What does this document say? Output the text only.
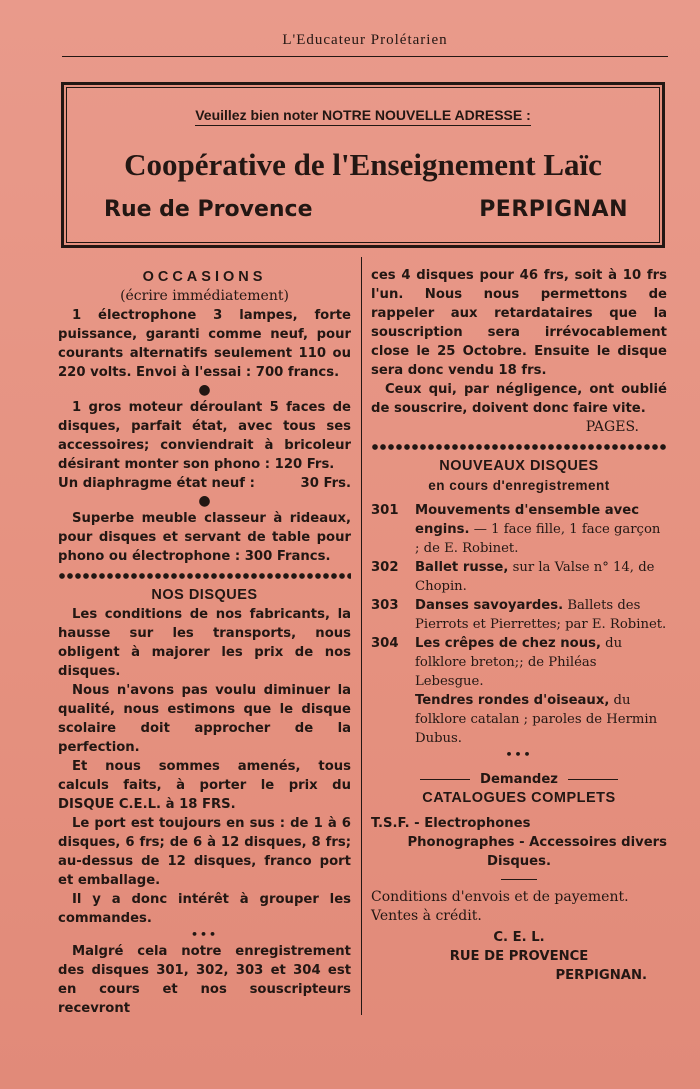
L'Educateur Prolétarien
Veuillez bien noter NOTRE NOUVELLE ADRESSE :
Coopérative de l'Enseignement Laïc
Rue de Provence	PERPIGNAN
OCCASIONS
(écrire immédiatement)

1 électrophone 3 lampes, forte puissance, garanti comme neuf, pour courants alternatifs seulement 110 ou 220 volts. Envoi à l'essai : 700 francs.

●

1 gros moteur déroulant 5 faces de disques, parfait état, avec tous ses accessoires; conviendrait à bricoleur désirant monter son phono : 120 Frs.

Un diaphragme état neuf :	30 Frs.

●

Superbe meuble classeur à rideaux, pour disques et servant de table pour phono ou électrophone : 300 Francs.

NOS DISQUES

Les conditions de nos fabricants, la hausse sur les transports, nous obligent à majorer les prix de nos disques.

Nous n'avons pas voulu diminuer la qualité, nous estimons que le disque scolaire doit approcher de la perfection.

Et nous sommes amenés, tous calculs faits, à porter le prix du DISQUE C.E.L. à 18 FRS.

Le port est toujours en sus : de 1 à 6 disques, 6 frs; de 6 à 12 disques, 8 frs; au-dessus de 12 disques, franco port et emballage.

Il y a donc intérêt à grouper les commandes.

•••

Malgré cela notre enregistrement des disques 301, 302, 303 et 304 est en cours et nos souscripteurs recevront

ces 4 disques pour 46 frs, soit à 10 frs l'un. Nous nous permettons de rappeler aux retardataires que la souscription sera irrévocablement close le 25 Octobre. Ensuite le disque sera donc vendu 18 frs.

Ceux qui, par négligence, ont oublié de souscrire, doivent donc faire vite.

PAGES.
NOUVEAUX DISQUES
en cours d'enregistrement
301	Mouvements d'ensemble avec engins. — 1 face fille, 1 face garçon ; de E. Robinet.
302	Ballet russe, sur la Valse n° 14, de Chopin.
303	Danses savoyardes. Ballets des Pierrots et Pierrettes; par E. Robinet.
304	Les crêpes de chez nous, du folklore breton;; de Philéas Lebesgue.
Tendres rondes d'oiseaux, du folklore catalan ; paroles de Hermin Dubus.

•••

Demandez
CATALOGUES COMPLETS
T.S.F. - Electrophones
Phonographes - Accessoires divers
Disques.
Conditions d'envois et de payement.
Ventes à crédit.
C. E. L.
RUE DE PROVENCE
PERPIGNAN.
